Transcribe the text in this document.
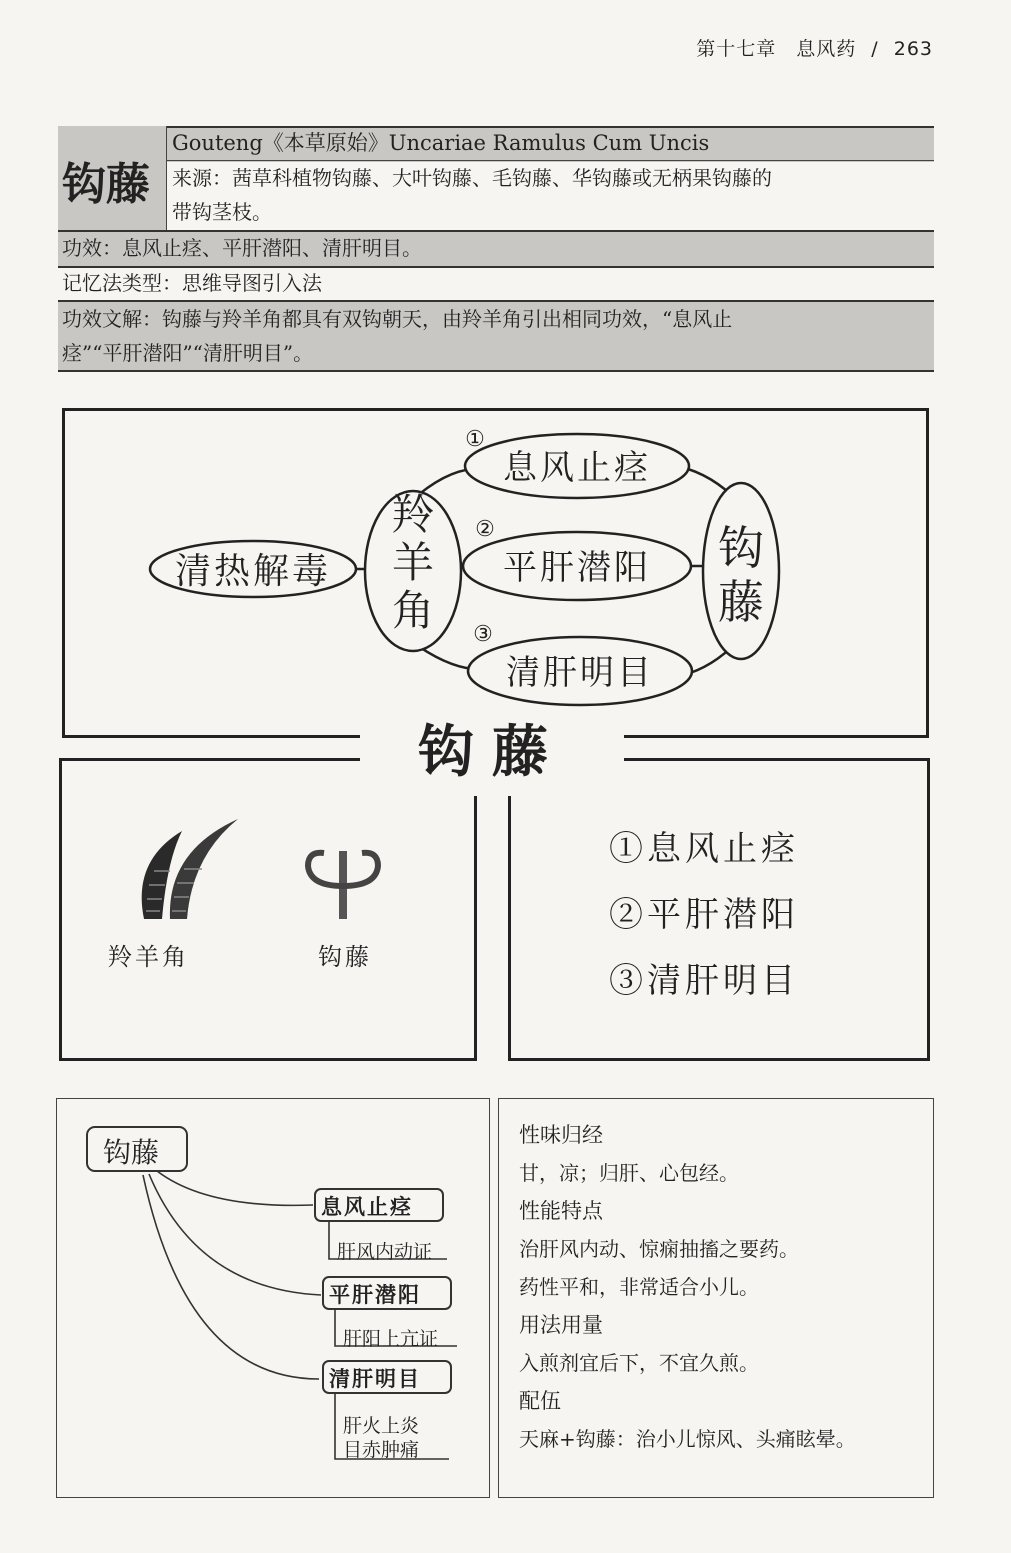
第十七章　息风药 / 263
钩藤
Gouteng《本草原始》Uncariae Ramulus Cum Uncis
来源：茜草科植物钩藤、大叶钩藤、毛钩藤、华钩藤或无柄果钩藤的
带钩茎枝。
功效：息风止痉、平肝潜阳、清肝明目。
记忆法类型：思维导图引入法
功效文解：钩藤与羚羊角都具有双钩朝天，由羚羊角引出相同功效，“息风止
痉”“平肝潜阳”“清肝明目”。
清热解毒
息风止痉
平肝潜阳
清肝明目
①
②
③
羚羊角
钩藤
羚羊角	钩藤
①息风止痉
②平肝潜阳
③清肝明目
钩藤
钩藤
息风止痉
平肝潜阳
清肝明目
肝风内动证
肝阳上亢证
肝火上炎
目赤肿痛
性味归经
甘，凉；归肝、心包经。
性能特点
治肝风内动、惊痫抽搐之要药。
药性平和，非常适合小儿。
用法用量
入煎剂宜后下，不宜久煎。
配伍
天麻+钩藤：治小儿惊风、头痛眩晕。
